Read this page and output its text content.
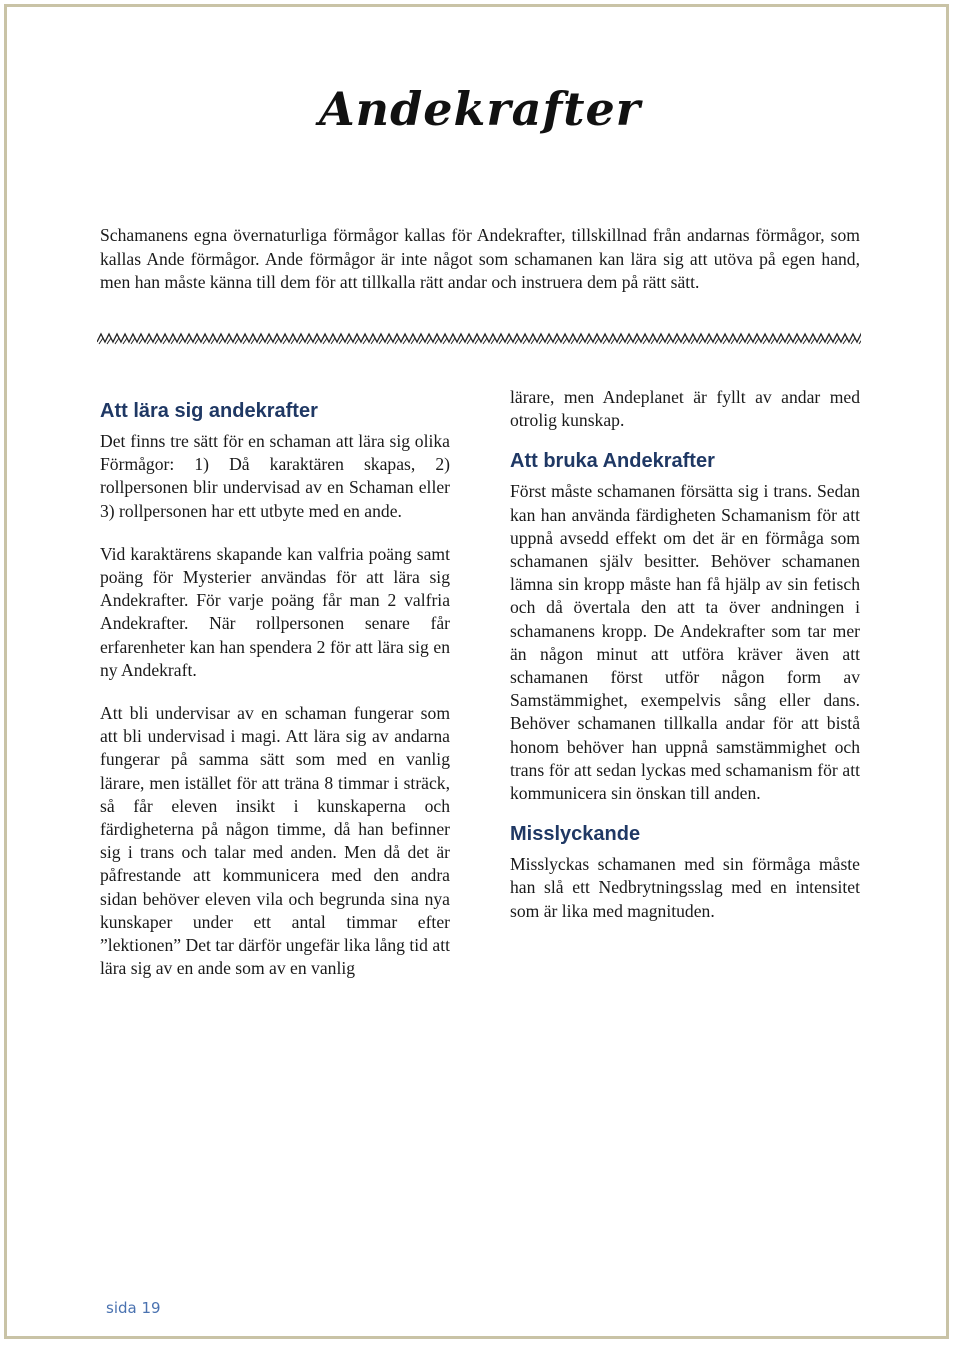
Andekrafter

Schamanens egna övernaturliga förmågor kallas för Andekrafter, tillskillnad från andarnas förmågor, som kallas Ande förmågor. Ande förmågor är inte något som schamanen kan lära sig att utöva på egen hand, men han måste känna till dem för att tillkalla rätt andar och instruera dem på rätt sätt.

Att lära sig andekrafter

Det finns tre sätt för en schaman att lära sig olika Förmågor: 1) Då karaktären skapas, 2) rollpersonen blir undervisad av en Schaman eller 3) rollpersonen har ett utbyte med en ande.

Vid karaktärens skapande kan valfria poäng samt poäng för Mysterier användas för att lära sig Andekrafter. För varje poäng får man 2 valfria Andekrafter. När rollpersonen senare får erfarenheter kan han spendera 2 för att lära sig en ny Andekraft.

Att bli undervisar av en schaman fungerar som att bli undervisad i magi. Att lära sig av andarna fungerar på samma sätt som med en vanlig lärare, men istället för att träna 8 timmar i sträck, så får eleven insikt i kunskaperna och färdigheterna på någon timme, då han befinner sig i trans och talar med anden. Men då det är påfrestande att kommunicera med den andra sidan behöver eleven vila och begrunda sina nya kunskaper under ett antal timmar efter ”lektionen” Det tar därför ungefär lika lång tid att lära sig av en ande som av en vanlig

lärare, men Andeplanet är fyllt av andar med otrolig kunskap.

Att bruka Andekrafter

Först måste schamanen försätta sig i trans. Sedan kan han använda färdigheten Schamanism för att uppnå avsedd effekt om det är en förmåga som schamanen själv besitter. Behöver schamanen lämna sin kropp måste han få hjälp av sin fetisch och då övertala den att ta över andningen i schamanens kropp. De Andekrafter som tar mer än någon minut att utföra kräver även att schamanen först utför någon form av Samstämmighet, exempelvis sång eller dans. Behöver schamanen tillkalla andar för att bistå honom behöver han uppnå samstämmighet och trans för att sedan lyckas med schamanism för att kommunicera sin önskan till anden.

Misslyckande

Misslyckas schamanen med sin förmåga måste han slå ett Nedbrytningsslag med en intensitet som är lika med magnituden.

sida 19
